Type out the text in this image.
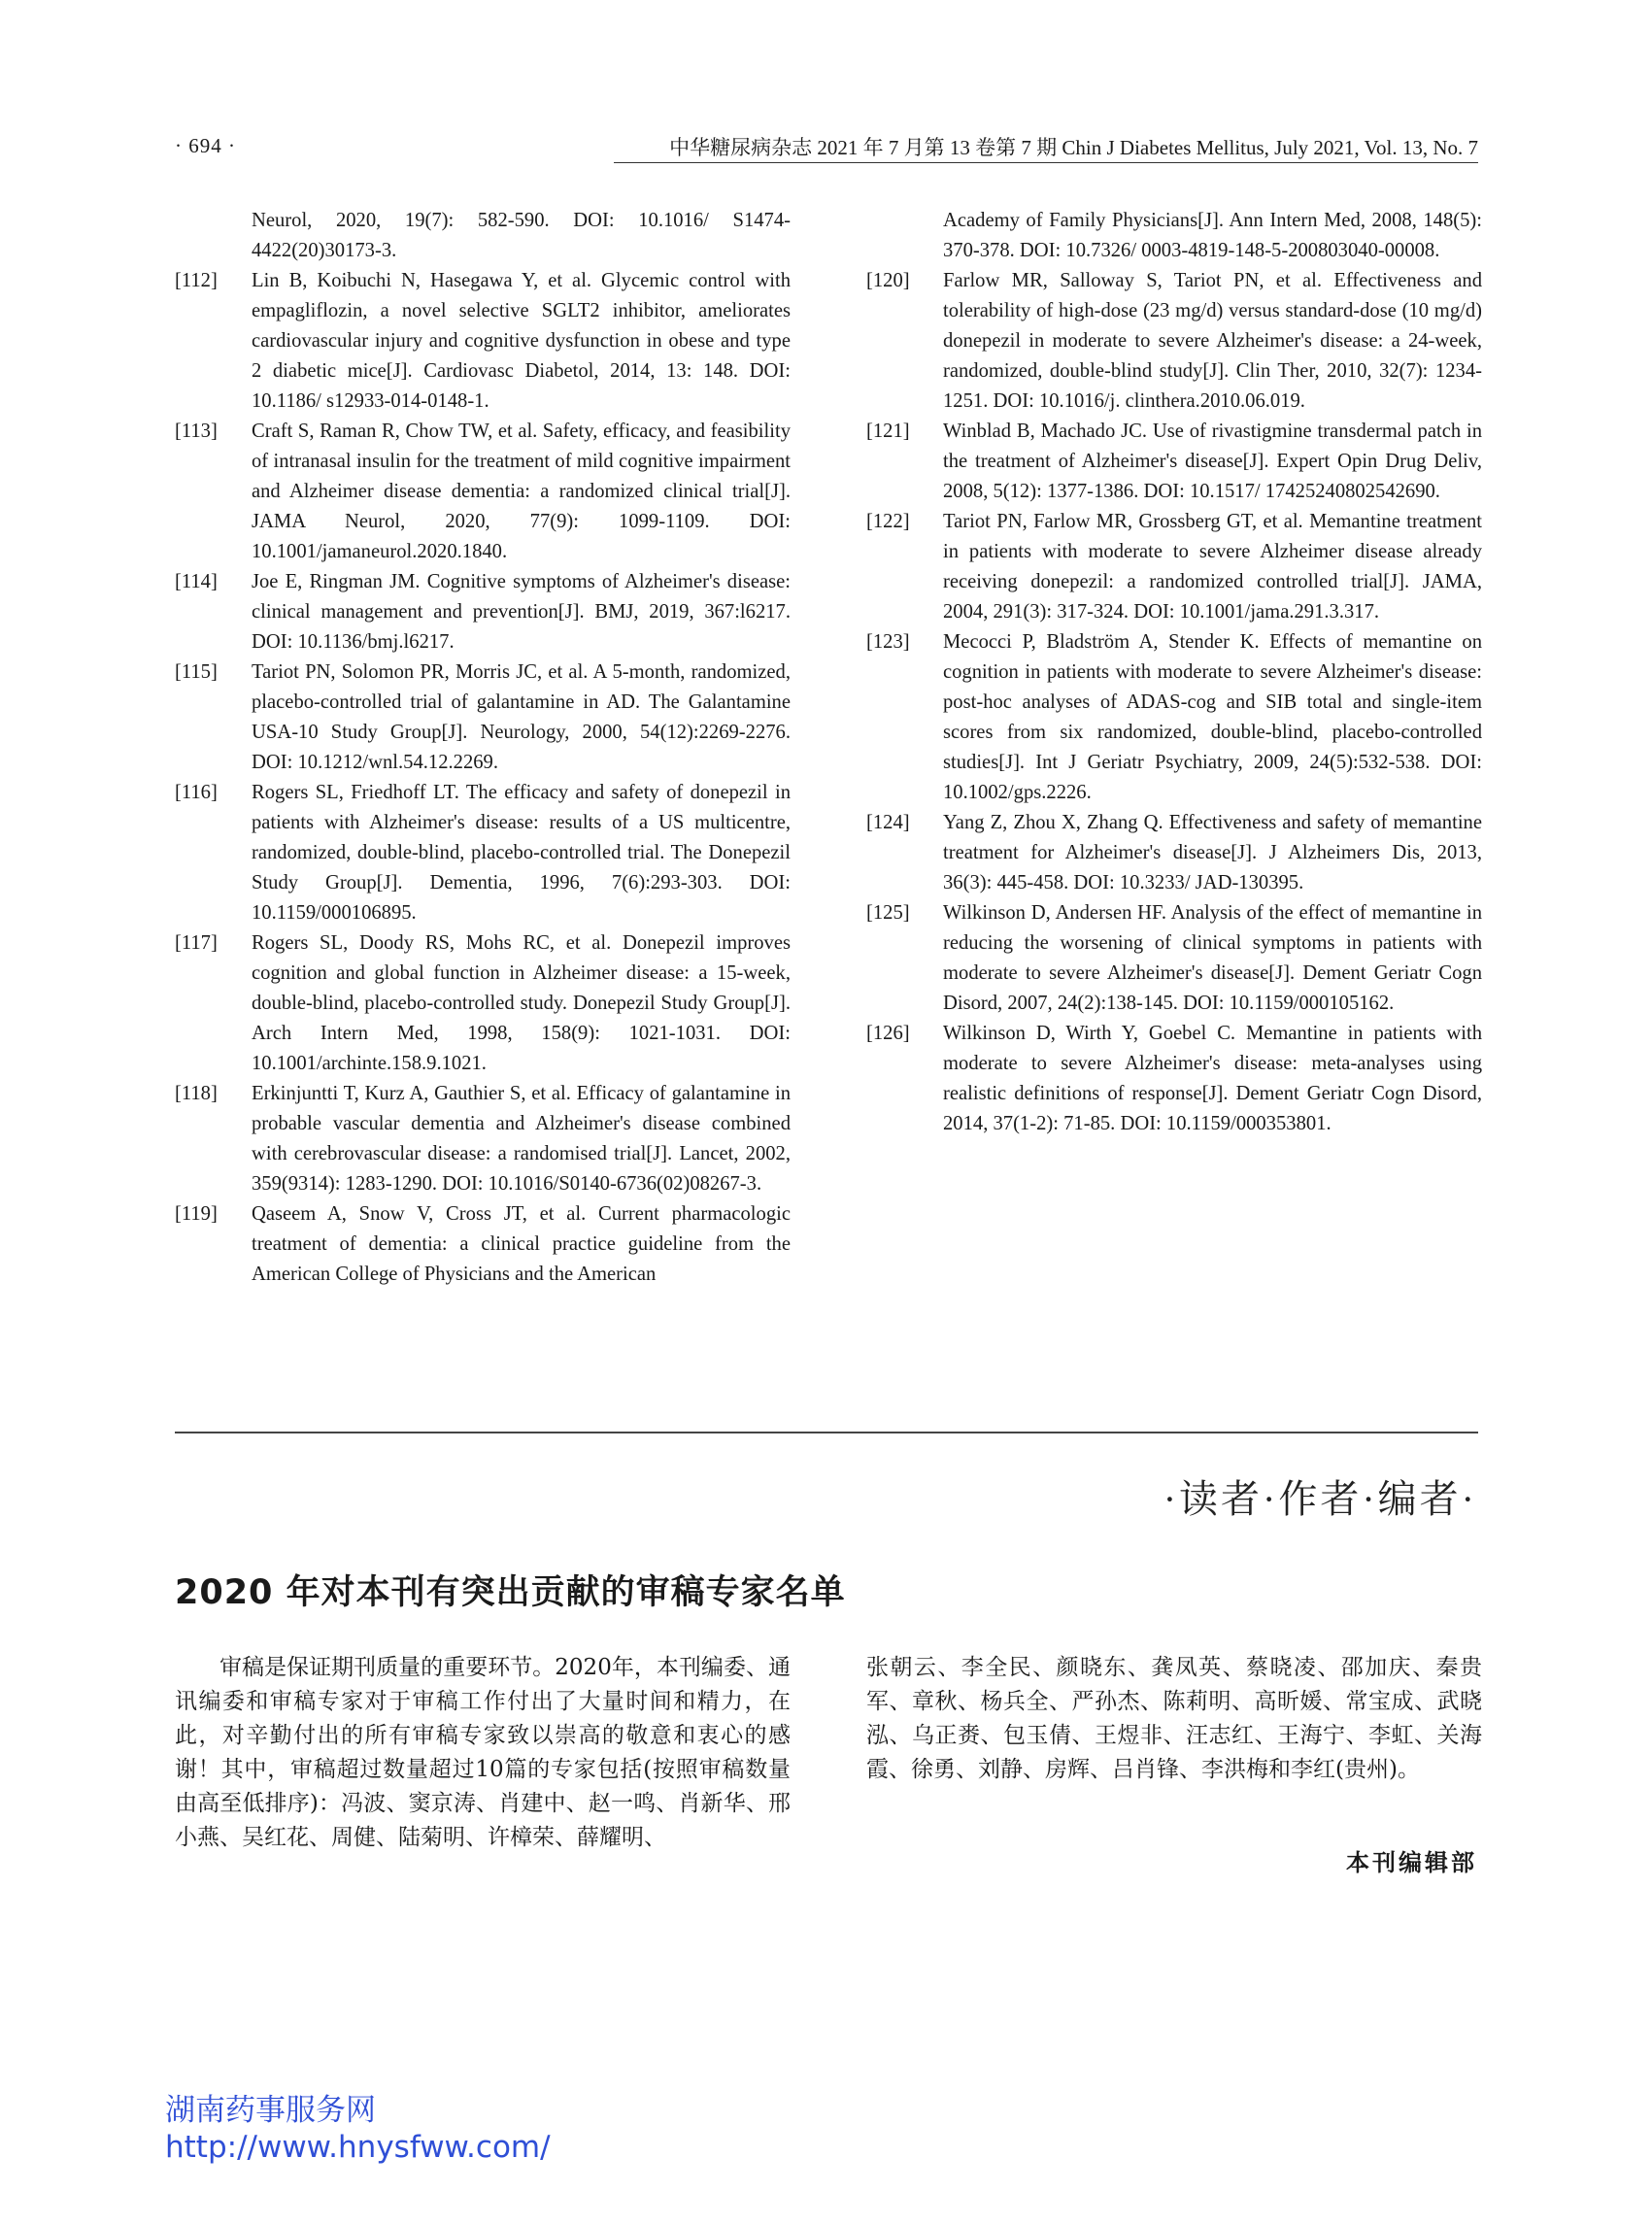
· 694 ·	中华糖尿病杂志 2021 年 7 月第 13 卷第 7 期 Chin J Diabetes Mellitus, July 2021, Vol. 13, No. 7
Neurol, 2020, 19(7): 582-590. DOI: 10.1016/ S1474-4422(20)30173-3.
[112] Lin B, Koibuchi N, Hasegawa Y, et al. Glycemic control with empagliflozin, a novel selective SGLT2 inhibitor, ameliorates cardiovascular injury and cognitive dysfunction in obese and type 2 diabetic mice[J]. Cardiovasc Diabetol, 2014, 13: 148. DOI: 10.1186/ s12933-014-0148-1.
[113] Craft S, Raman R, Chow TW, et al. Safety, efficacy, and feasibility of intranasal insulin for the treatment of mild cognitive impairment and Alzheimer disease dementia: a randomized clinical trial[J]. JAMA Neurol, 2020, 77(9): 1099-1109. DOI: 10.1001/jamaneurol.2020.1840.
[114] Joe E, Ringman JM. Cognitive symptoms of Alzheimer's disease: clinical management and prevention[J]. BMJ, 2019, 367:l6217. DOI: 10.1136/bmj.l6217.
[115] Tariot PN, Solomon PR, Morris JC, et al. A 5-month, randomized, placebo-controlled trial of galantamine in AD. The Galantamine USA-10 Study Group[J]. Neurology, 2000, 54(12):2269-2276. DOI: 10.1212/wnl.54.12.2269.
[116] Rogers SL, Friedhoff LT. The efficacy and safety of donepezil in patients with Alzheimer's disease: results of a US multicentre, randomized, double-blind, placebo-controlled trial. The Donepezil Study Group[J]. Dementia, 1996, 7(6):293-303. DOI: 10.1159/000106895.
[117] Rogers SL, Doody RS, Mohs RC, et al. Donepezil improves cognition and global function in Alzheimer disease: a 15-week, double-blind, placebo-controlled study. Donepezil Study Group[J]. Arch Intern Med, 1998, 158(9): 1021-1031. DOI: 10.1001/archinte.158.9.1021.
[118] Erkinjuntti T, Kurz A, Gauthier S, et al. Efficacy of galantamine in probable vascular dementia and Alzheimer's disease combined with cerebrovascular disease: a randomised trial[J]. Lancet, 2002, 359(9314): 1283-1290. DOI: 10.1016/S0140-6736(02)08267-3.
[119] Qaseem A, Snow V, Cross JT, et al. Current pharmacologic treatment of dementia: a clinical practice guideline from the American College of Physicians and the American
Academy of Family Physicians[J]. Ann Intern Med, 2008, 148(5): 370-378. DOI: 10.7326/ 0003-4819-148-5-200803040-00008.
[120] Farlow MR, Salloway S, Tariot PN, et al. Effectiveness and tolerability of high-dose (23 mg/d) versus standard-dose (10 mg/d) donepezil in moderate to severe Alzheimer's disease: a 24-week, randomized, double-blind study[J]. Clin Ther, 2010, 32(7): 1234-1251. DOI: 10.1016/j. clinthera.2010.06.019.
[121] Winblad B, Machado JC. Use of rivastigmine transdermal patch in the treatment of Alzheimer's disease[J]. Expert Opin Drug Deliv, 2008, 5(12): 1377-1386. DOI: 10.1517/ 17425240802542690.
[122] Tariot PN, Farlow MR, Grossberg GT, et al. Memantine treatment in patients with moderate to severe Alzheimer disease already receiving donepezil: a randomized controlled trial[J]. JAMA, 2004, 291(3): 317-324. DOI: 10.1001/jama.291.3.317.
[123] Mecocci P, Bladström A, Stender K. Effects of memantine on cognition in patients with moderate to severe Alzheimer's disease: post-hoc analyses of ADAS-cog and SIB total and single-item scores from six randomized, double-blind, placebo-controlled studies[J]. Int J Geriatr Psychiatry, 2009, 24(5):532-538. DOI: 10.1002/gps.2226.
[124] Yang Z, Zhou X, Zhang Q. Effectiveness and safety of memantine treatment for Alzheimer's disease[J]. J Alzheimers Dis, 2013, 36(3): 445-458. DOI: 10.3233/ JAD-130395.
[125] Wilkinson D, Andersen HF. Analysis of the effect of memantine in reducing the worsening of clinical symptoms in patients with moderate to severe Alzheimer's disease[J]. Dement Geriatr Cogn Disord, 2007, 24(2):138-145. DOI: 10.1159/000105162.
[126] Wilkinson D, Wirth Y, Goebel C. Memantine in patients with moderate to severe Alzheimer's disease: meta-analyses using realistic definitions of response[J]. Dement Geriatr Cogn Disord, 2014, 37(1-2): 71-85. DOI: 10.1159/000353801.
·读者·作者·编者·
2020 年对本刊有突出贡献的审稿专家名单
审稿是保证期刊质量的重要环节。2020年，本刊编委、通讯编委和审稿专家对于审稿工作付出了大量时间和精力，在此，对辛勤付出的所有审稿专家致以崇高的敬意和衷心的感谢！其中，审稿超过数量超过10篇的专家包括(按照审稿数量由高至低排序)：冯波、窦京涛、肖建中、赵一鸣、肖新华、邢小燕、吴红花、周健、陆菊明、许樟荣、薛耀明、
张朝云、李全民、颜晓东、龚凤英、蔡晓凌、邵加庆、秦贵军、章秋、杨兵全、严孙杰、陈莉明、高昕媛、常宝成、武晓泓、乌正赉、包玉倩、王煜非、汪志红、王海宁、李虹、关海霞、徐勇、刘静、房辉、吕肖锋、李洪梅和李红(贵州)。
本刊编辑部
湖南药事服务网
http://www.hnysfww.com/
